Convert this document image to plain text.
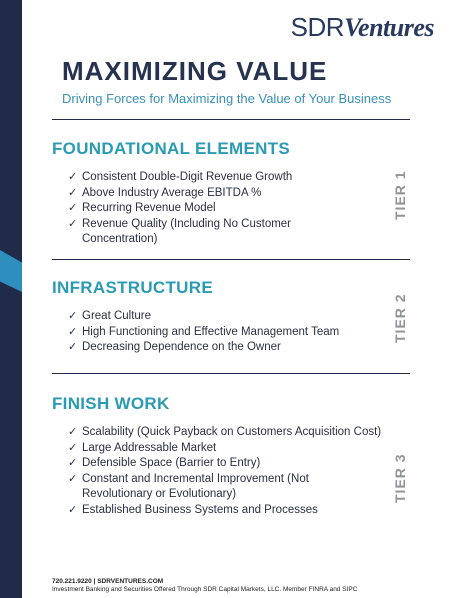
SDRVentures
MAXIMIZING VALUE

Driving Forces for Maximizing the Value of Your Business

FOUNDATIONAL ELEMENTS
✓ Consistent Double-Digit Revenue Growth
✓ Above Industry Average EBITDA %
✓ Recurring Revenue Model
✓ Revenue Quality (Including No Customer
Concentration)
TIER 1
INFRASTRUCTURE
✓ Great Culture
✓ High Functioning and Effective Management Team
✓ Decreasing Dependence on the Owner
TIER 2
FINISH WORK
✓ Scalability (Quick Payback on Customers Acquisition Cost)
✓ Large Addressable Market
✓ Defensible Space (Barrier to Entry)
✓ Constant and Incremental Improvement (Not
Revolutionary or Evolutionary)
✓ Established Business Systems and Processes
TIER 3
720.221.9220 | SDRVENTURES.COM
Investment Banking and Securities Offered Through SDR Capital Markets, LLC. Member FINRA and SIPC
